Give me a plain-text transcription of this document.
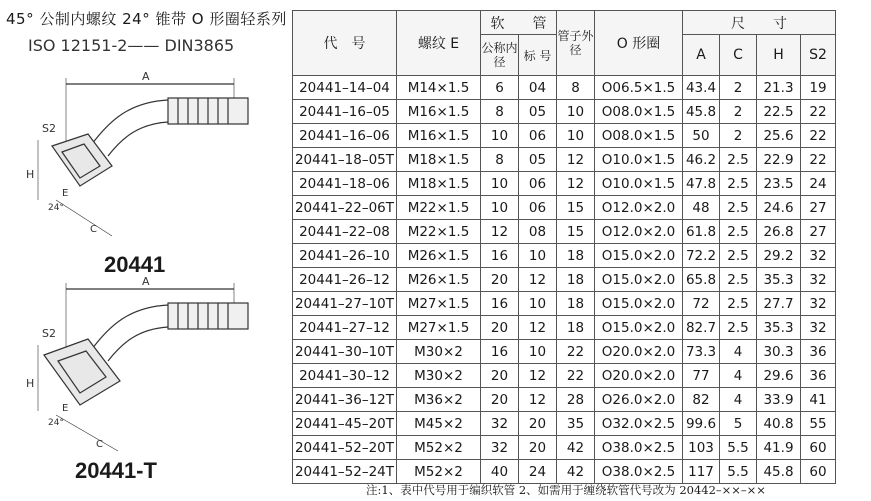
45° 公制内螺纹 24° 锥带 O 形圈轻系列
ISO 12151-2—— DIN3865
A
S2
H
E
24°
C
A
S2
H
E
24°
C
20441
20441-T
代　号	螺纹 E	软　　管		管子外径	O 形圈	尺　　寸			
		公称内径	标 号			A	C	H	S2
20441–14–04	M14×1.5	6	04	8	O06.5×1.5	43.4	2	21.3	19
20441–16–05	M16×1.5	8	05	10	O08.0×1.5	45.8	2	22.5	22
20441–16–06	M16×1.5	10	06	10	O08.0×1.5	50	2	25.6	22
20441–18–05T	M18×1.5	8	05	12	O10.0×1.5	46.2	2.5	22.9	22
20441–18–06	M18×1.5	10	06	12	O10.0×1.5	47.8	2.5	23.5	24
20441–22–06T	M22×1.5	10	06	15	O12.0×2.0	48	2.5	24.6	27
20441–22–08	M22×1.5	12	08	15	O12.0×2.0	61.8	2.5	26.8	27
20441–26–10	M26×1.5	16	10	18	O15.0×2.0	72.2	2.5	29.2	32
20441–26–12	M26×1.5	20	12	18	O15.0×2.0	65.8	2.5	35.3	32
20441–27–10T	M27×1.5	16	10	18	O15.0×2.0	72	2.5	27.7	32
20441–27–12	M27×1.5	20	12	18	O15.0×2.0	82.7	2.5	35.3	32
20441–30–10T	M30×2	16	10	22	O20.0×2.0	73.3	4	30.3	36
20441–30–12	M30×2	20	12	22	O20.0×2.0	77	4	29.6	36
20441–36–12T	M36×2	20	12	28	O26.0×2.0	82	4	33.9	41
20441–45–20T	M45×2	32	20	35	O32.0×2.5	99.6	5	40.8	55
20441–52–20T	M52×2	32	20	42	O38.0×2.5	103	5.5	41.9	60
20441–52–24T	M52×2	40	24	42	O38.0×2.5	117	5.5	45.8	60
注:1、表中代号用于编织软管 2、如需用于缠绕软管代号改为 20442–××–××
